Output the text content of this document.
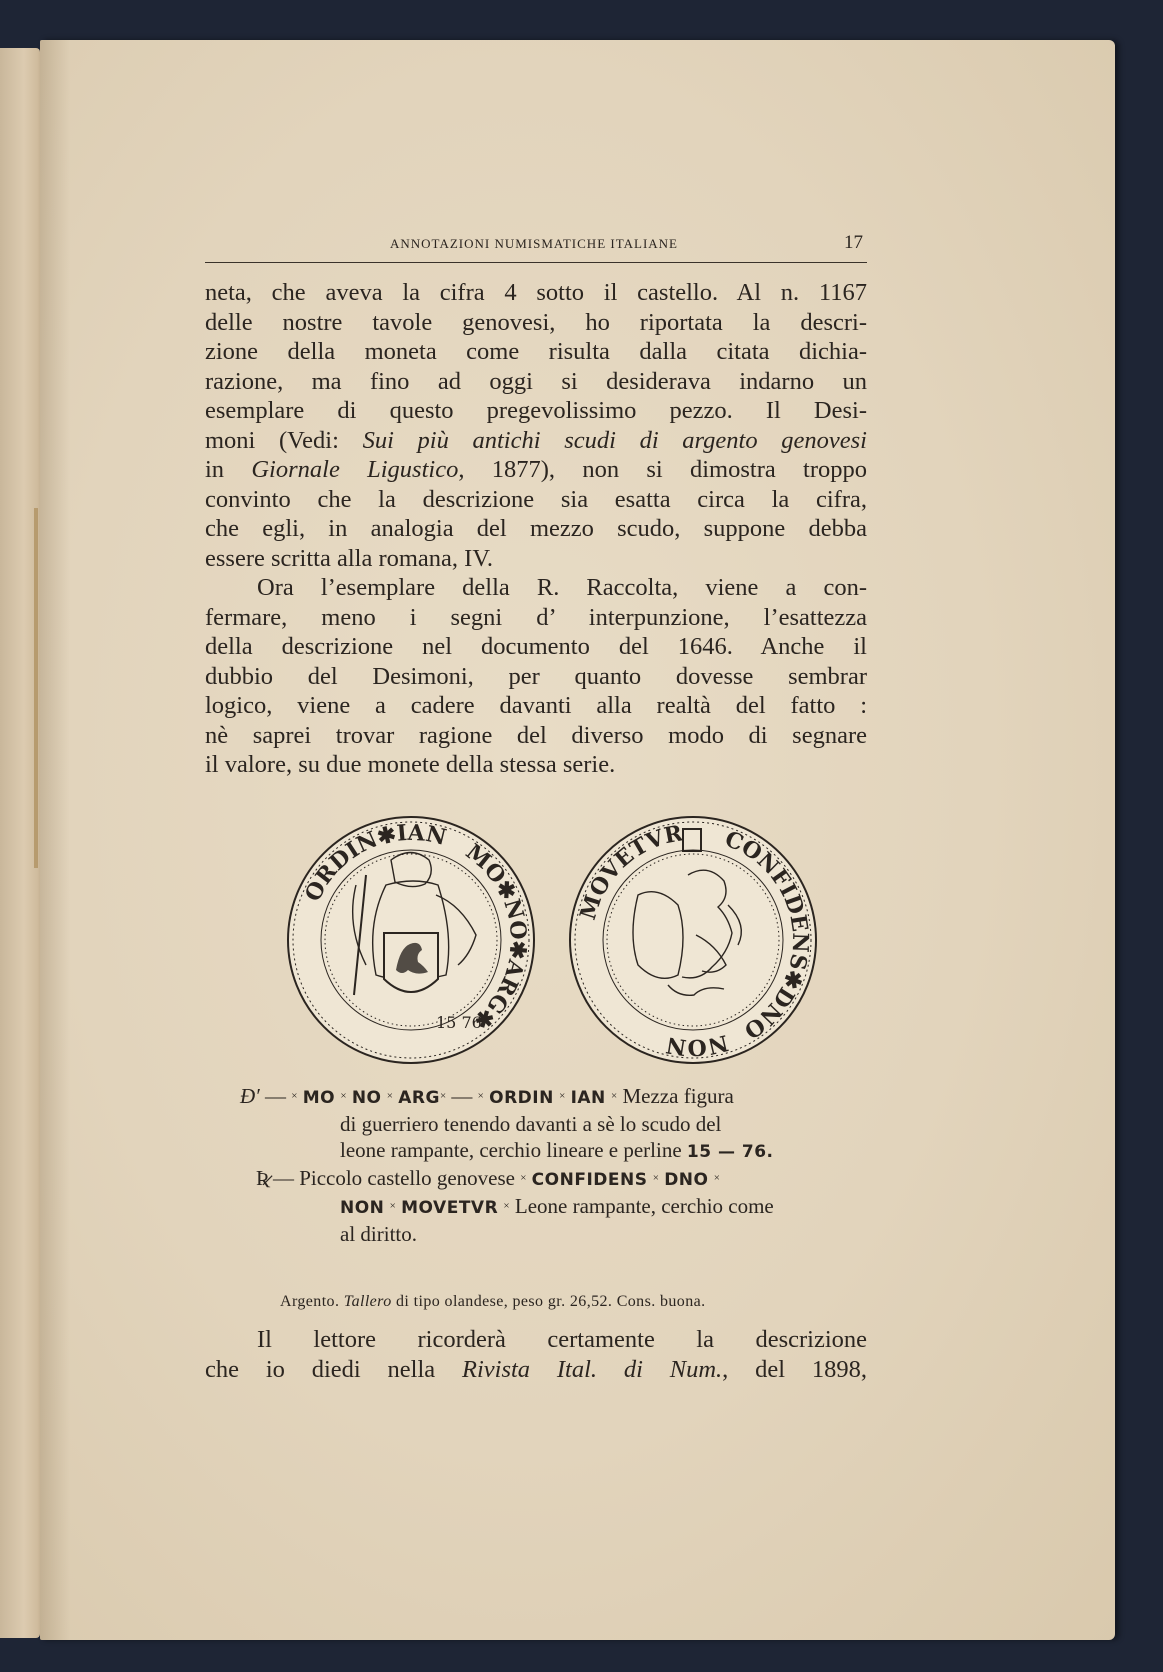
ANNOTAZIONI NUMISMATICHE ITALIANE	17
neta, che aveva la cifra 4 sotto il castello. Al n. 1167
delle nostre tavole genovesi, ho riportata la descri-
zione della moneta come risulta dalla citata dichia-
razione, ma fino ad oggi si desiderava indarno un
esemplare di questo pregevolissimo pezzo. Il Desi-
moni (Vedi: Sui più antichi scudi di argento genovesi
in Giornale Ligustico, 1877), non si dimostra troppo
convinto che la descrizione sia esatta circa la cifra,
che egli, in analogia del mezzo scudo, suppone debba
essere scritta alla romana, IV.
Ora l’esemplare della R. Raccolta, viene a con-
fermare, meno i segni d’ interpunzione, l’esattezza
della descrizione nel documento del 1646. Anche il
dubbio del Desimoni, per quanto dovesse sembrar
logico, viene a cadere davanti alla realtà del fatto :
nè saprei trovar ragione del diverso modo di segnare
il valore, su due monete della stessa serie.
ORDIN✱IANMO✱NO✱ARG✱
15 76
MOVETVR CONFIDENS✱DNO NON
Ɖ′ — × MO × NO × ARG× — × ORDIN × IAN × Mezza figura
di guerriero tenendo davanti a sè lo scudo del
leone rampante, cerchio lineare e perline 15 — 76.
Ʀ̷ — Piccolo castello genovese × CONFIDENS × DNO ×
NON × MOVETVR × Leone rampante, cerchio come
al diritto.
Argento. Tallero di tipo olandese, peso gr. 26,52. Cons. buona.
Il lettore ricorderà certamente la descrizione
che io diedi nella Rivista Ital. di Num., del 1898,
